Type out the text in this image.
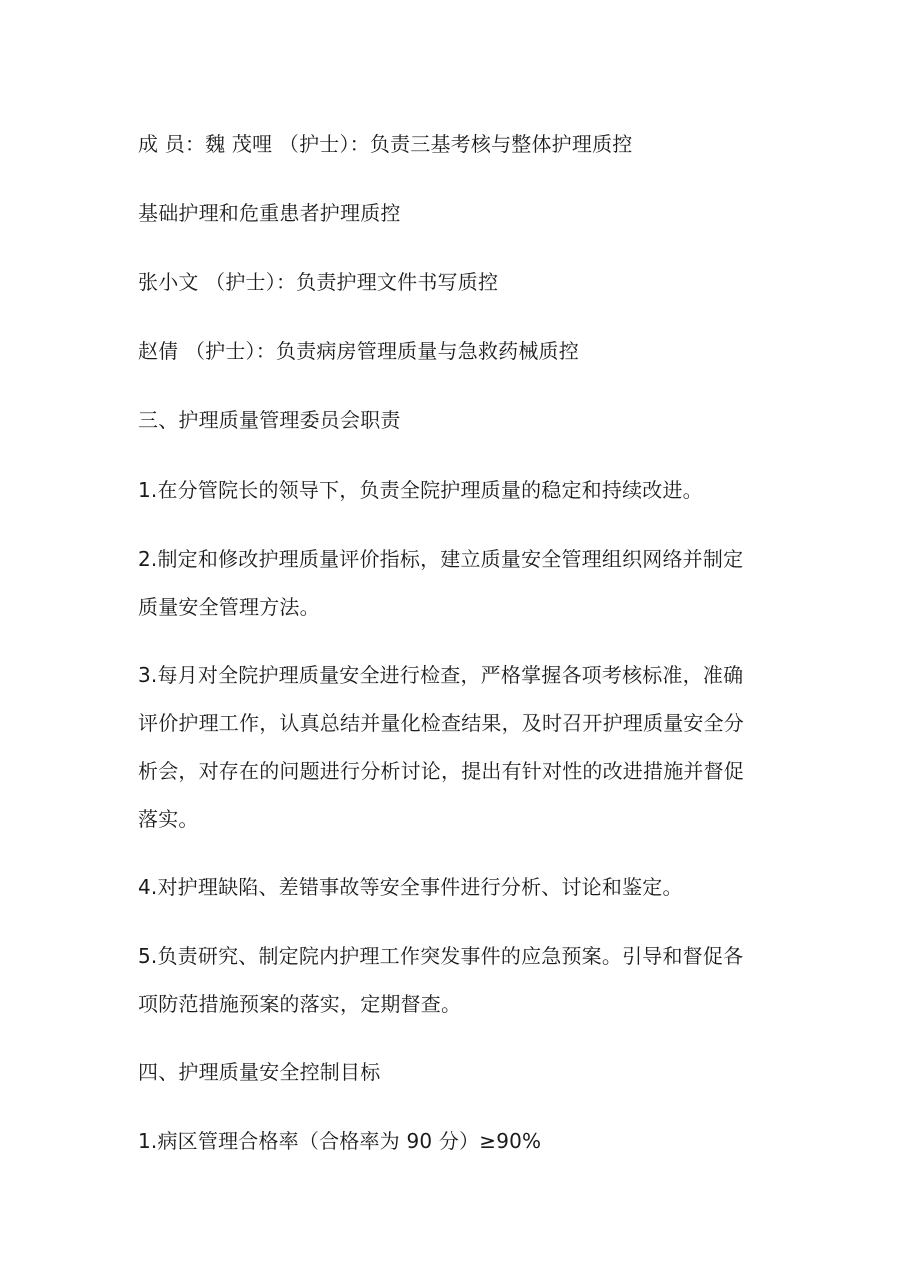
成 员：魏 茂哩 （护士）：负责三基考核与整体护理质控
基础护理和危重患者护理质控
张小文 （护士）：负责护理文件书写质控
赵倩 （护士）：负责病房管理质量与急救药械质控
三、护理质量管理委员会职责
1.在分管院长的领导下，负责全院护理质量的稳定和持续改进。
2.制定和修改护理质量评价指标，建立质量安全管理组织网络并制定
质量安全管理方法。
3.每月对全院护理质量安全进行检查，严格掌握各项考核标准，准确
评价护理工作，认真总结并量化检查结果，及时召开护理质量安全分
析会，对存在的问题进行分析讨论，提出有针对性的改进措施并督促
落实。
4.对护理缺陷、差错事故等安全事件进行分析、讨论和鉴定。
5.负责研究、制定院内护理工作突发事件的应急预案。引导和督促各
项防范措施预案的落实，定期督查。
四、护理质量安全控制目标
1.病区管理合格率（合格率为 90 分）≥90%
